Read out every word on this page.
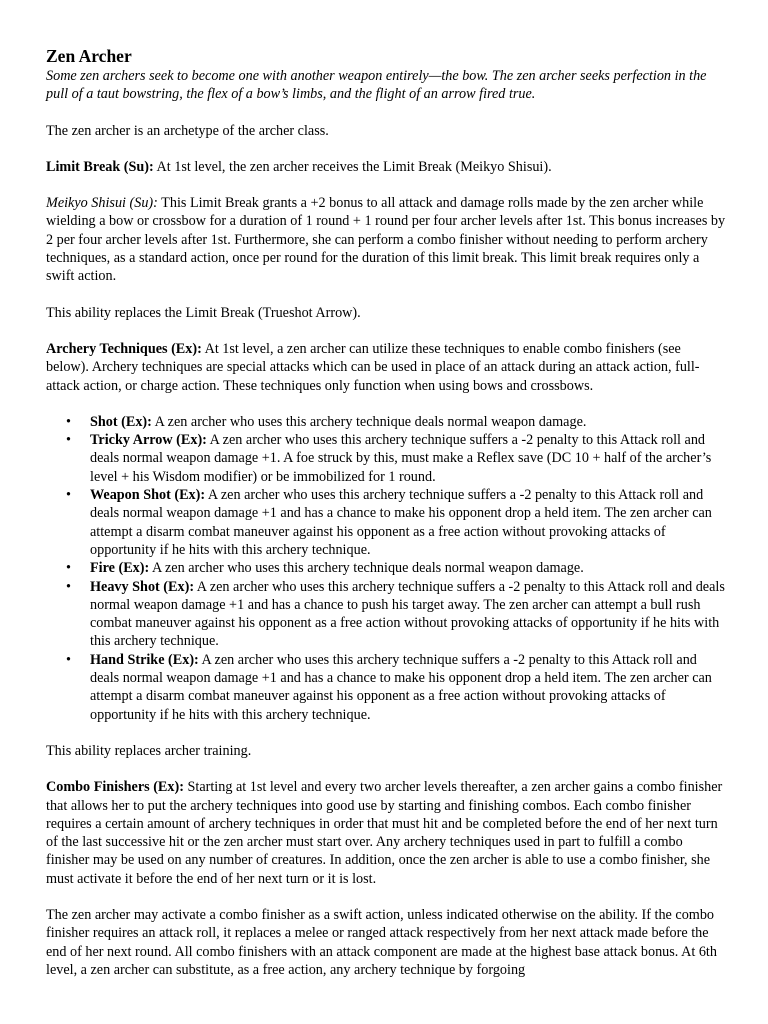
Zen Archer

Some zen archers seek to become one with another weapon entirely—the bow. The zen archer seeks perfection in the pull of a taut bowstring, the flex of a bow’s limbs, and the flight of an arrow fired true.

The zen archer is an archetype of the archer class.

Limit Break (Su): At 1st level, the zen archer receives the Limit Break (Meikyo Shisui).

Meikyo Shisui (Su): This Limit Break grants a +2 bonus to all attack and damage rolls made by the zen archer while wielding a bow or crossbow for a duration of 1 round + 1 round per four archer levels after 1st. This bonus increases by 2 per four archer levels after 1st. Furthermore, she can perform a combo finisher without needing to perform archery techniques, as a standard action, once per round for the duration of this limit break. This limit break requires only a swift action.

This ability replaces the Limit Break (Trueshot Arrow).

Archery Techniques (Ex): At 1st level, a zen archer can utilize these techniques to enable combo finishers (see below). Archery techniques are special attacks which can be used in place of an attack during an attack action, full-attack action, or charge action. These techniques only function when using bows and crossbows.

• Shot (Ex): A zen archer who uses this archery technique deals normal weapon damage.
• Tricky Arrow (Ex): A zen archer who uses this archery technique suffers a -2 penalty to this Attack roll and deals normal weapon damage +1. A foe struck by this, must make a Reflex save (DC 10 + half of the archer’s level + his Wisdom modifier) or be immobilized for 1 round.
• Weapon Shot (Ex): A zen archer who uses this archery technique suffers a -2 penalty to this Attack roll and deals normal weapon damage +1 and has a chance to make his opponent drop a held item. The zen archer can attempt a disarm combat maneuver against his opponent as a free action without provoking attacks of opportunity if he hits with this archery technique.
• Fire (Ex): A zen archer who uses this archery technique deals normal weapon damage.
• Heavy Shot (Ex): A zen archer who uses this archery technique suffers a -2 penalty to this Attack roll and deals normal weapon damage +1 and has a chance to push his target away. The zen archer can attempt a bull rush combat maneuver against his opponent as a free action without provoking attacks of opportunity if he hits with this archery technique.
• Hand Strike (Ex): A zen archer who uses this archery technique suffers a -2 penalty to this Attack roll and deals normal weapon damage +1 and has a chance to make his opponent drop a held item. The zen archer can attempt a disarm combat maneuver against his opponent as a free action without provoking attacks of opportunity if he hits with this archery technique.

This ability replaces archer training.

Combo Finishers (Ex): Starting at 1st level and every two archer levels thereafter, a zen archer gains a combo finisher that allows her to put the archery techniques into good use by starting and finishing combos. Each combo finisher requires a certain amount of archery techniques in order that must hit and be completed before the end of her next turn of the last successive hit or the zen archer must start over. Any archery techniques used in part to fulfill a combo finisher may be used on any number of creatures. In addition, once the zen archer is able to use a combo finisher, she must activate it before the end of her next turn or it is lost.

The zen archer may activate a combo finisher as a swift action, unless indicated otherwise on the ability. If the combo finisher requires an attack roll, it replaces a melee or ranged attack respectively from her next attack made before the end of her next round. All combo finishers with an attack component are made at the highest base attack bonus. At 6th level, a zen archer can substitute, as a free action, any archery technique by forgoing
